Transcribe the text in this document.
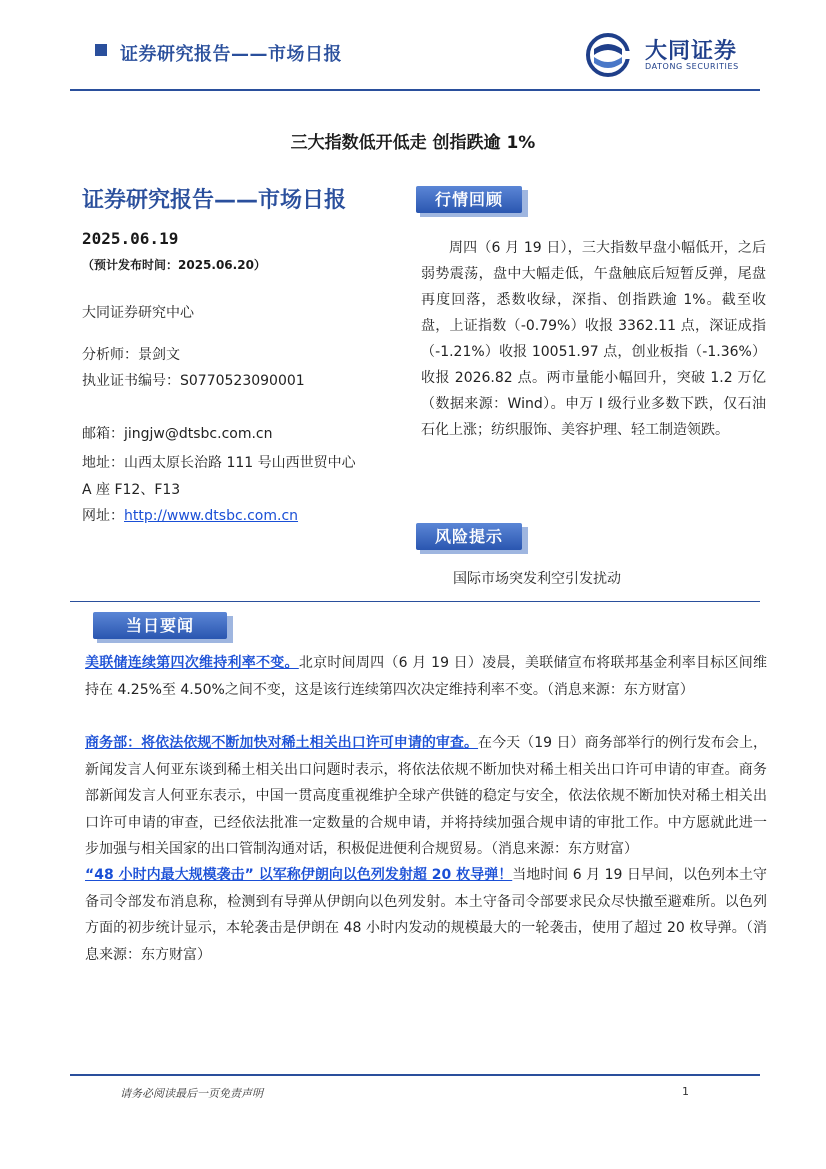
证券研究报告——市场日报	大同证券
DATONG SECURITIES
三大指数低开低走 创指跌逾 1%
证券研究报告——市场日报
2025.06.19
（预计发布时间：2025.06.20）
大同证券研究中心
分析师：景剑文
执业证书编号：S0770523090001
邮箱：jingjw@dtsbc.com.cn
地址：山西太原长治路 111 号山西世贸中心
A 座 F12、F13
网址：http://www.dtsbc.com.cn
行情回顾

周四（6 月 19 日），三大指数早盘小幅低开，之后弱势震荡，盘中大幅走低，午盘触底后短暂反弹，尾盘再度回落，悉数收绿，深指、创指跌逾 1%。截至收盘，上证指数（-0.79%）收报 3362.11 点，深证成指（-1.21%）收报 10051.97 点，创业板指（-1.36%）收报 2026.82 点。两市量能小幅回升，突破 1.2 万亿（数据来源：Wind）。申万 I 级行业多数下跌，仅石油石化上涨；纺织服饰、美容护理、轻工制造领跌。

风险提示
国际市场突发利空引发扰动
当日要闻
美联储连续第四次维持利率不变。北京时间周四（6 月 19 日）凌晨，美联储宣布将联邦基金利率目标区间维持在 4.25%至 4.50%之间不变，这是该行连续第四次决定维持利率不变。（消息来源：东方财富）
商务部：将依法依规不断加快对稀土相关出口许可申请的审查。在今天（19 日）商务部举行的例行发布会上，新闻发言人何亚东谈到稀土相关出口问题时表示，将依法依规不断加快对稀土相关出口许可申请的审查。商务部新闻发言人何亚东表示，中国一贯高度重视维护全球产供链的稳定与安全，依法依规不断加快对稀土相关出口许可申请的审查，已经依法批准一定数量的合规申请，并将持续加强合规申请的审批工作。中方愿就此进一步加强与相关国家的出口管制沟通对话，积极促进便利合规贸易。（消息来源：东方财富）
“48 小时内最大规模袭击” 以军称伊朗向以色列发射超 20 枚导弹！当地时间 6 月 19 日早间，以色列本土守备司令部发布消息称，检测到有导弹从伊朗向以色列发射。本土守备司令部要求民众尽快撤至避难所。以色列方面的初步统计显示，本轮袭击是伊朗在 48 小时内发动的规模最大的一轮袭击，使用了超过 20 枚导弹。（消息来源：东方财富）
请务必阅读最后一页免责声明	1
